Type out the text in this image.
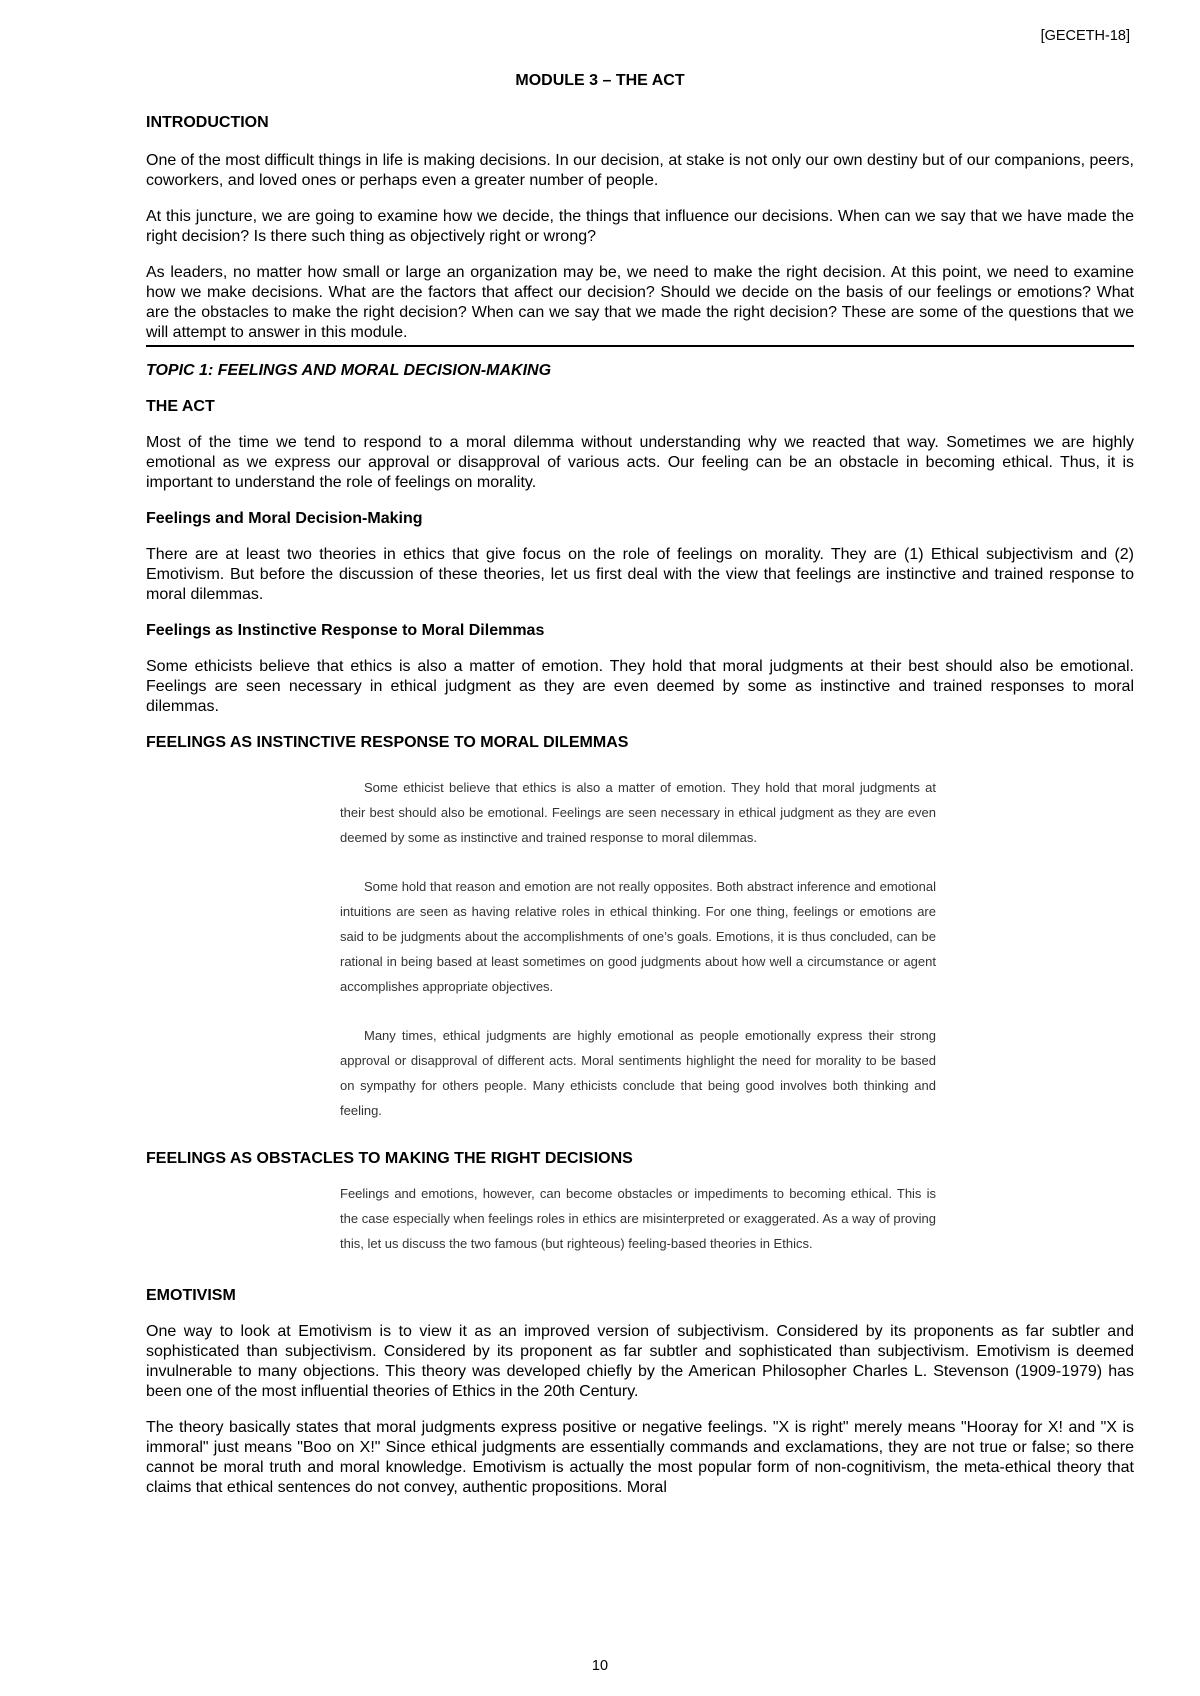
[GECETH-18]
MODULE 3 – THE ACT
INTRODUCTION

One of the most difficult things in life is making decisions. In our decision, at stake is not only our own destiny but of our companions, peers, coworkers, and loved ones or perhaps even a greater number of people.

At this juncture, we are going to examine how we decide, the things that influence our decisions. When can we say that we have made the right decision? Is there such thing as objectively right or wrong?

As leaders, no matter how small or large an organization may be, we need to make the right decision. At this point, we need to examine how we make decisions. What are the factors that affect our decision? Should we decide on the basis of our feelings or emotions? What are the obstacles to make the right decision? When can we say that we made the right decision? These are some of the questions that we will attempt to answer in this module.

TOPIC 1: FEELINGS AND MORAL DECISION-MAKING
THE ACT

Most of the time we tend to respond to a moral dilemma without understanding why we reacted that way. Sometimes we are highly emotional as we express our approval or disapproval of various acts. Our feeling can be an obstacle in becoming ethical. Thus, it is important to understand the role of feelings on morality.

Feelings and Moral Decision-Making

There are at least two theories in ethics that give focus on the role of feelings on morality. They are (1) Ethical subjectivism and (2) Emotivism. But before the discussion of these theories, let us first deal with the view that feelings are instinctive and trained response to moral dilemmas.

Feelings as Instinctive Response to Moral Dilemmas

Some ethicists believe that ethics is also a matter of emotion. They hold that moral judgments at their best should also be emotional. Feelings are seen necessary in ethical judgment as they are even deemed by some as instinctive and trained responses to moral dilemmas.

FEELINGS AS INSTINCTIVE RESPONSE TO MORAL DILEMMAS

Some ethicist believe that ethics is also a matter of emotion. They hold that moral judgments at their best should also be emotional. Feelings are seen necessary in ethical judgment as they are even deemed by some as instinctive and trained response to moral dilemmas.

Some hold that reason and emotion are not really opposites. Both abstract inference and emotional intuitions are seen as having relative roles in ethical thinking. For one thing, feelings or emotions are said to be judgments about the accomplishments of one’s goals. Emotions, it is thus concluded, can be rational in being based at least sometimes on good judgments about how well a circumstance or agent accomplishes appropriate objectives.

Many times, ethical judgments are highly emotional as people emotionally express their strong approval or disapproval of different acts. Moral sentiments highlight the need for morality to be based on sympathy for others people. Many ethicists conclude that being good involves both thinking and feeling.

FEELINGS AS OBSTACLES TO MAKING THE RIGHT DECISIONS

Feelings and emotions, however, can become obstacles or impediments to becoming ethical. This is the case especially when feelings roles in ethics are misinterpreted or exaggerated. As a way of proving this, let us discuss the two famous (but righteous) feeling-based theories in Ethics.

EMOTIVISM

One way to look at Emotivism is to view it as an improved version of subjectivism. Considered by its proponents as far subtler and sophisticated than subjectivism. Considered by its proponent as far subtler and sophisticated than subjectivism. Emotivism is deemed invulnerable to many objections. This theory was developed chiefly by the American Philosopher Charles L. Stevenson (1909-1979) has been one of the most influential theories of Ethics in the 20th Century.

The theory basically states that moral judgments express positive or negative feelings. "X is right" merely means "Hooray for X! and "X is immoral" just means "Boo on X!" Since ethical judgments are essentially commands and exclamations, they are not true or false; so there cannot be moral truth and moral knowledge. Emotivism is actually the most popular form of non-cognitivism, the meta-ethical theory that claims that ethical sentences do not convey, authentic propositions. Moral

10
